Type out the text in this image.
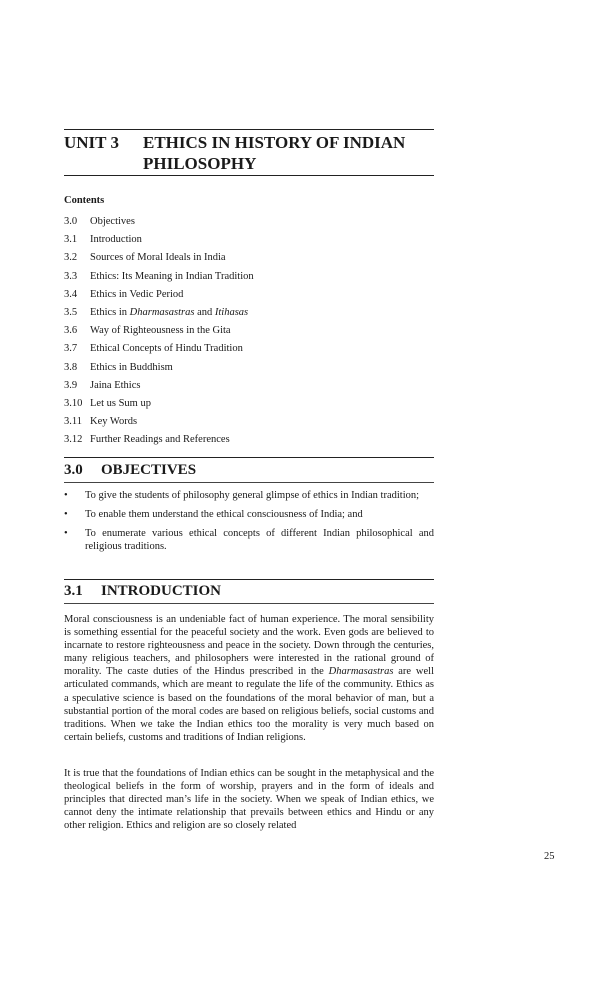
UNIT 3 ETHICS IN HISTORY OF INDIAN PHILOSOPHY
Contents
3.0 Objectives
3.1 Introduction
3.2 Sources of Moral Ideals in India
3.3 Ethics: Its Meaning in Indian Tradition
3.4 Ethics in Vedic Period
3.5 Ethics in Dharmasastras and Itihasas
3.6 Way of Righteousness in the Gita
3.7 Ethical Concepts of Hindu Tradition
3.8 Ethics in Buddhism
3.9 Jaina Ethics
3.10 Let us Sum up
3.11 Key Words
3.12 Further Readings and References
3.0 OBJECTIVES
• To give the students of philosophy general glimpse of ethics in Indian tradition;
• To enable them understand the ethical consciousness of India; and
• To enumerate various ethical concepts of different Indian philosophical and religious traditions.
3.1 INTRODUCTION

Moral consciousness is an undeniable fact of human experience. The moral sensibility is something essential for the peaceful society and the work. Even gods are believed to incarnate to restore righteousness and peace in the society. Down through the centuries, many religious teachers, and philosophers were interested in the rational ground of morality. The caste duties of the Hindus prescribed in the Dharmasastras are well articulated commands, which are meant to regulate the life of the community. Ethics as a speculative science is based on the foundations of the moral behavior of man, but a substantial portion of the moral codes are based on religious beliefs, social customs and traditions. When we take the Indian ethics too the morality is very much based on certain beliefs, customs and traditions of Indian religions.

It is true that the foundations of Indian ethics can be sought in the metaphysical and the theological beliefs in the form of worship, prayers and in the form of ideals and principles that directed man’s life in the society. When we speak of Indian ethics, we cannot deny the intimate relationship that prevails between ethics and Hindu or any other religion. Ethics and religion are so closely related

25
